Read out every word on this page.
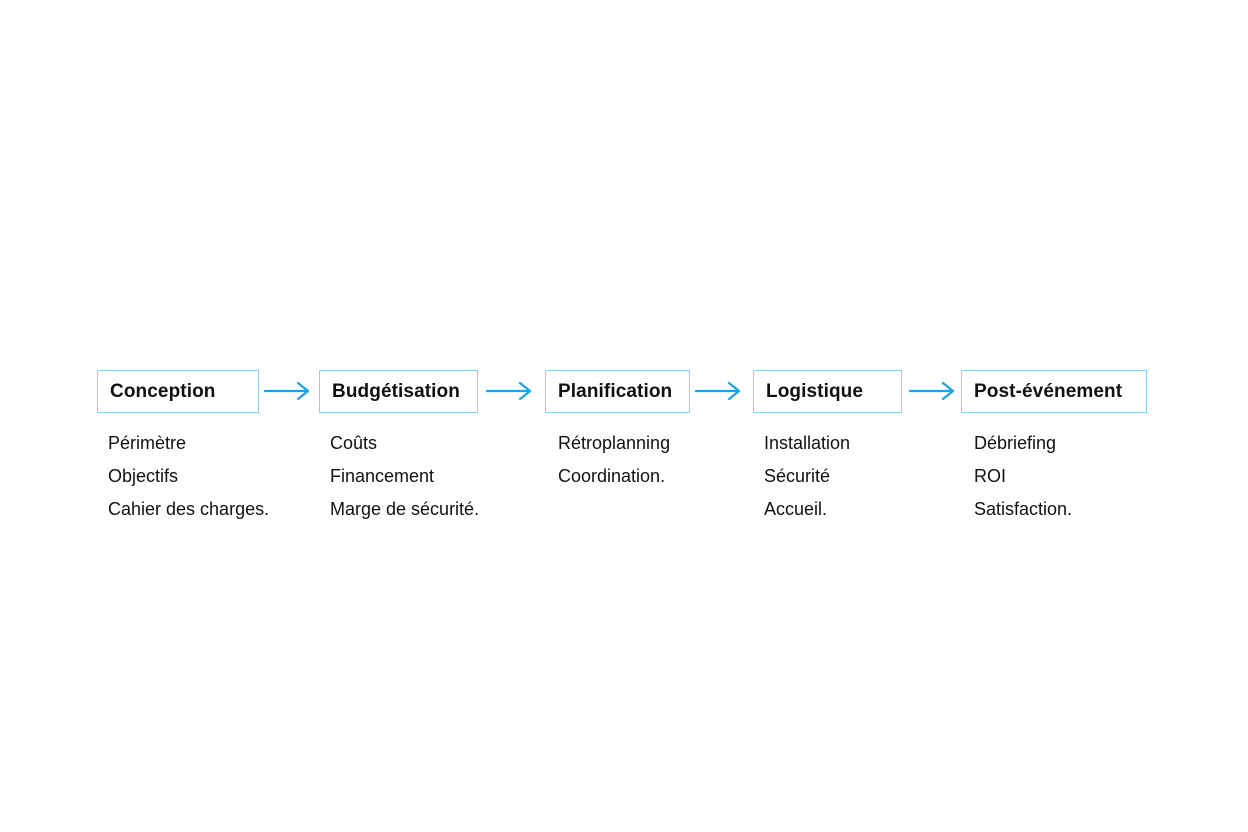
Conception
Périmètre
Objectifs
Cahier des charges.
Budgétisation
Coûts
Financement
Marge de sécurité.
Planification
Rétroplanning
Coordination.
Logistique
Installation
Sécurité
Accueil.
Post-événement
Débriefing
ROI
Satisfaction.
